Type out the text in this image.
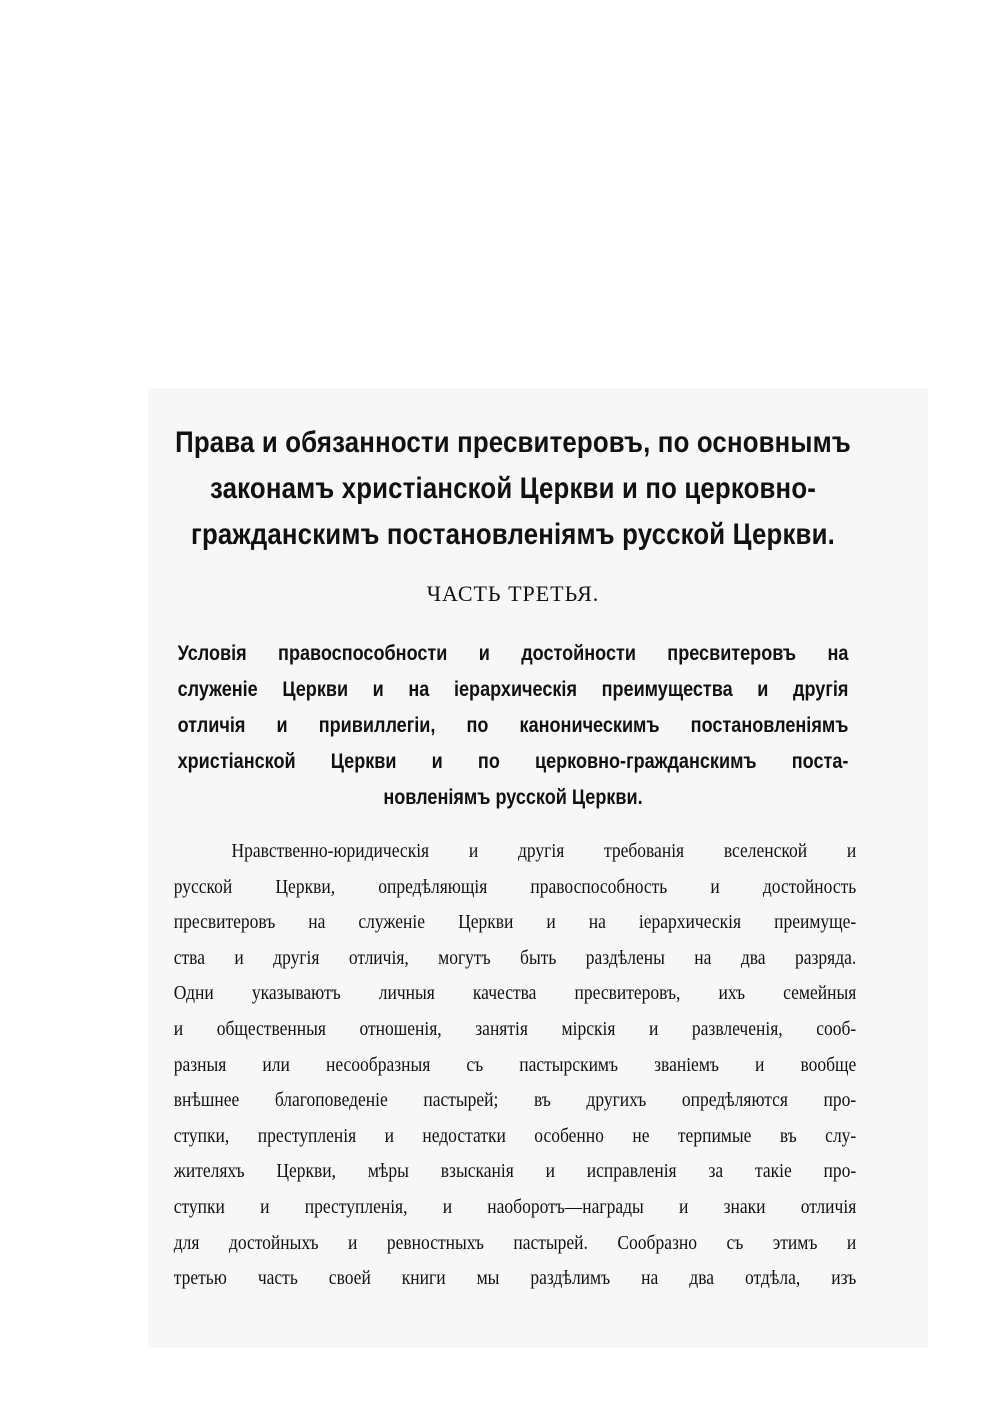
Права и обязанности пресвитеровъ, по основнымъ
законамъ христіанской Церкви и по церковно-
гражданскимъ постановленіямъ русской Церкви.
ЧАСТЬ ТРЕТЬЯ.
Условія правоспособности и достойности пресвитеровъ на
служеніе Церкви и на іерархическія преимущества и другія
отличія и привиллегіи, по каноническимъ постановленіямъ
христіанской Церкви и по церковно-гражданскимъ поста-
новленіямъ русской Церкви.
Нравственно-юридическія и другія требованія вселенской и
русской Церкви, опредѣляющія правоспособность и достойность
пресвитеровъ на служеніе Церкви и на іерархическія преимуще-
ства и другія отличія, могутъ быть раздѣлены на два разряда.
Одни указываютъ личныя качества пресвитеровъ, ихъ семейныя
и общественныя отношенія, занятія мірскія и развлеченія, сооб-
разныя или несообразныя съ пастырскимъ званіемъ и вообще
внѣшнее благоповеденіе пастырей; въ другихъ опредѣляются про-
ступки, преступленія и недостатки особенно не терпимые въ слу-
жителяхъ Церкви, мѣры взысканія и исправленія за такіе про-
ступки и преступленія, и наоборотъ—награды и знаки отличія
для достойныхъ и ревностныхъ пастырей. Сообразно съ этимъ и
третью часть своей книги мы раздѣлимъ на два отдѣла, изъ
